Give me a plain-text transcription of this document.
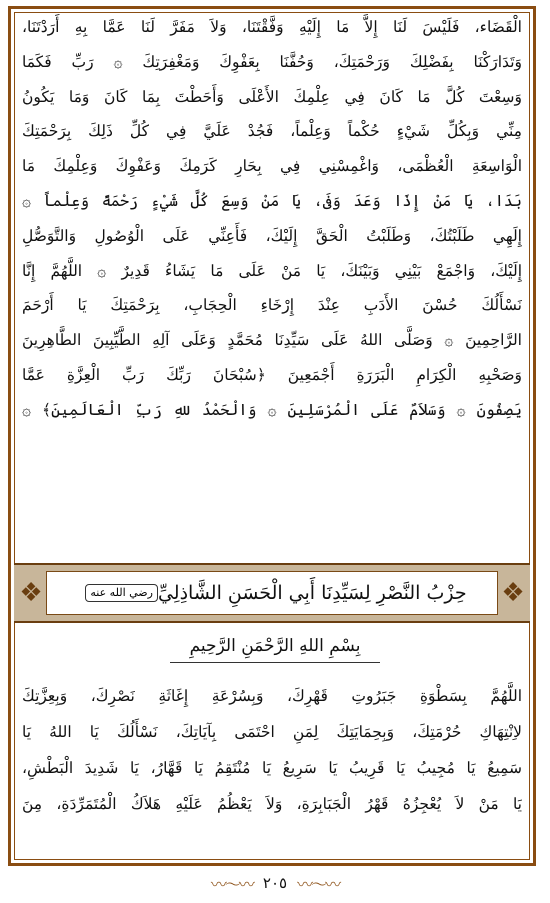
الْقَضَاء، فَلَيْسَ لَنَا إِلاَّ مَا إِلَيْهِ وَفَّقْتَنَا، وَلاَ مَفَرَّ لَنَا عَمَّا بِهِ أَرَدْتَنَا،
وَتَدَارَكْنَا بِفَضْلِكَ وَرَحْمَتِكَ، وَحُفَّنَا بِعَفْوِكَ وَمَغْفِرَتِكَ ۞ رَبِّ فَكَمَا
وَسِعْتَ كُلَّ مَا كَانَ فِي عِلْمِكَ الأَعْلَى وَأَحَطْتَ بِمَا كَانَ وَمَا يَكُونُ
مِنِّي وَبِكُلِّ شَيْءٍ حُكْماً وَعِلْماً، فَجُدْ عَلَيَّ فِي كُلِّ ذَلِكَ بِرَحْمَتِكَ
الْوَاسِعَةِ الْعُظْمَى، وَاغْمِسْنِي فِي بِحَارِ كَرَمِكَ وَعَفْوِكَ وَعِلْمِكَ مَا
بَدَا، يَا مَنْ إِذَا وَعَدَ وَفَى، يَا مَنْ وَسِعَ كُلَّ شَيْءٍ رَحْمَةً وَعِلْماً ۞
إِلَهِي طَلَبْتُكَ، وَطَلَبْتُ الْحَقَّ إِلَيْكَ، فَأَعِنِّي عَلَى الْوُصُولِ وَالتَّوَصُّلِ
إِلَيْكَ، وَاجْمَعْ بَيْنِي وَبَيْنَكَ، يَا مَنْ عَلَى مَا يَشَاءُ قَدِيرٌ ۞ اللَّهُمَّ إِنَّا
نَسْأَلُكَ حُسْنَ الأَدَبِ عِنْدَ إِرْخَاءِ الْحِجَابِ، بِرَحْمَتِكَ يَا أَرْحَمَ
الرَّاحِمِينَ ۞ وَصَلَّى اللهُ عَلَى سَيِّدِنَا مُحَمَّدٍ وَعَلَى آلِهِ الطَّيِّبِينَ الطَّاهِرِينَ
وَصَحْبِهِ الْكِرَامِ الْبَرَرَةِ أَجْمَعِينَ ﴿سُبْحَانَ رَبِّكَ رَبِّ الْعِزَّةِ عَمَّا
يَصِفُونَ ۞ وَسَلاَمٌ عَلَى الْمُرْسَلِينَ ۞ وَالْحَمْدُ للهِ رَبِّ الْعَالَمِينَ﴾ ۞
❖	حِزْبُ النَّصْرِ لِسَيِّدِنَا أَبِي الْحَسَنِ الشَّاذِلِيِّ
رضي الله عنه	❖
بِسْمِ اللهِ الرَّحْمَنِ الرَّحِيمِ
اللَّهُمَّ بِسَطْوَةِ جَبَرُوتِ قَهْرِكَ، وَبِسُرْعَةِ إِغَاثَةِ نَصْرِكَ، وَبِعِزَّتِكَ
لاِنْتِهَاكِ حُرْمَتِكَ، وَبِحِمَايَتِكَ لِمَنِ احْتَمَى بِآيَاتِكَ، نَسْأَلُكَ يَا اللهُ يَا
سَمِيعُ يَا مُجِيبُ يَا قَرِيبُ يَا سَرِيعُ يَا مُنْتَقِمُ يَا قَهَّارُ، يَا شَدِيدَ الْبَطْشِ،
يَا مَنْ لاَ يُعْجِزُهُ قَهْرُ الْجَبَابِرَةِ، وَلاَ يَعْظُمُ عَلَيْهِ هَلاَكُ الْمُتَمَرِّدَةِ، مِنَ
〰〜〰 ٢٠٥ 〰〜〰
